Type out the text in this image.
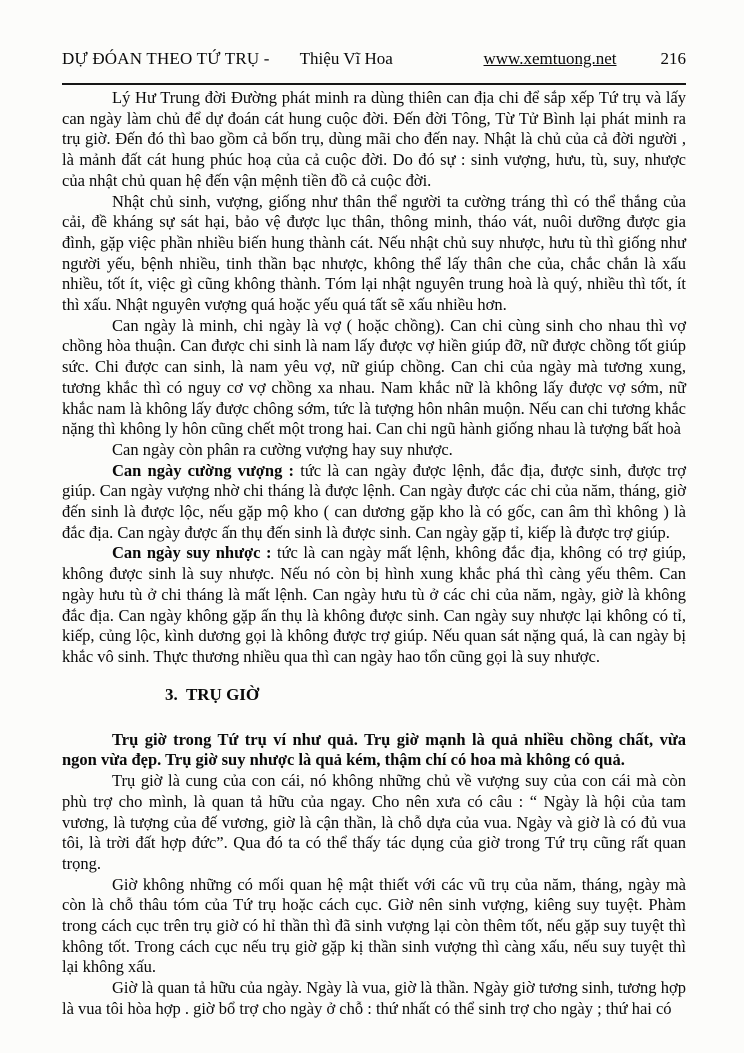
DỰ ĐÓAN THEO TỨ TRỤ - Thiệu Vĩ Hoa	www.xemtuong.net	216

Lý Hư Trung đời Đường phát minh ra dùng thiên can địa chi để sắp xếp Tứ trụ và lấy can ngày làm chủ để dự đoán cát hung cuộc đời. Đến đời Tông, Từ Tử Bình lại phát minh ra trụ giờ. Đến đó thì bao gồm cả bốn trụ, dùng mãi cho đến nay. Nhật là chủ của cả đời người , là mảnh đất cát hung phúc hoạ của cả cuộc đời. Do đó sự : sinh vượng, hưu, tù, suy, nhược của nhật chủ quan hệ đến vận mệnh tiền đồ cả cuộc đời.

Nhật chủ sinh, vượng, giống như thân thể người ta cường tráng thì có thể thắng của cải, đề kháng sự sát hại, bảo vệ được lục thân, thông minh, tháo vát, nuôi dưỡng được gia đình, gặp việc phần nhiều biến hung thành cát. Nếu nhật chủ suy nhược, hưu tù thì giống như người yếu, bệnh nhiều, tinh thần bạc nhược, không thể lấy thân che của, chắc chắn là xấu nhiều, tốt ít, việc gì cũng không thành. Tóm lại nhật nguyên trung hoà là quý, nhiều thì tốt, ít thì xấu. Nhật nguyên vượng quá hoặc yếu quá tất sẽ xấu nhiều hơn.

Can ngày là minh, chi ngày là vợ ( hoặc chồng). Can chi cùng sinh cho nhau thì vợ chồng hòa thuận. Can được chi sinh là nam lấy được vợ hiền giúp đỡ, nữ được chồng tốt giúp sức. Chi được can sinh, là nam yêu vợ, nữ giúp chồng. Can chi của ngày mà tương xung, tương khắc thì có nguy cơ vợ chồng xa nhau. Nam khắc nữ là không lấy được vợ sớm, nữ khắc nam là không lấy được chông sớm, tức là tượng hôn nhân muộn. Nếu can chi tương khắc nặng thì không ly hôn cũng chết một trong hai. Can chi ngũ hành giống nhau là tượng bất hoà

Can ngày còn phân ra cường vượng hay suy nhược.

Can ngày cường vượng : tức là can ngày được lệnh, đắc địa, được sinh, được trợ giúp. Can ngày vượng nhờ chi tháng là được lệnh. Can ngày được các chi của năm, tháng, giờ đến sinh là được lộc, nếu gặp mộ kho ( can dương gặp kho là có gốc, can âm thì không ) là đắc địa. Can ngày được ấn thụ đến sinh là được sinh. Can ngày gặp tỉ, kiếp là được trợ giúp.

Can ngày suy nhược : tức là can ngày mất lệnh, không đắc địa, không có trợ giúp, không được sinh là suy nhược. Nếu nó còn bị hình xung khắc phá thì càng yếu thêm. Can ngày hưu tù ở chi tháng là mất lệnh. Can ngày hưu tù ở các chi của năm, ngày, giờ là không đắc địa. Can ngày không gặp ấn thụ là không được sinh. Can ngày suy nhược lại không có tỉ, kiếp, củng lộc, kình dương gọi là không được trợ giúp. Nếu quan sát nặng quá, là can ngày bị khắc vô sinh. Thực thương nhiều qua thì can ngày hao tổn cũng gọi là suy nhược.

3.  TRỤ GIỜ

Trụ giờ trong Tứ trụ ví như quả. Trụ giờ mạnh là quả nhiều chồng chất, vừa ngon vừa đẹp. Trụ giờ suy nhược là quả kém, thậm chí có hoa mà không có quả.

Trụ giờ là cung của con cái, nó không những chủ về vượng suy của con cái mà còn phù trợ cho mình, là quan tả hữu của ngay. Cho nên xưa có câu : “ Ngày là hội của tam vương, là tượng của đế vương, giờ là cận thần, là chỗ dựa của vua. Ngày và giờ là có đủ vua tôi, là trời đất hợp đức”. Qua đó ta có thể thấy tác dụng của giờ trong Tứ trụ cũng rất quan trọng.

Giờ không những có mối quan hệ mật thiết với các vũ trụ của năm, tháng, ngày mà còn là chỗ thâu tóm của Tứ trụ hoặc cách cục. Giờ nên sinh vượng, kiêng suy tuyệt. Phàm trong cách cục trên trụ giờ có hỉ thần thì đã sinh vượng lại còn thêm tốt, nếu gặp suy tuyệt thì không tốt. Trong cách cục nếu trụ giờ gặp kị thần sinh vượng thì càng xấu, nếu suy tuyệt thì lại không xấu.

Giờ là quan tả hữu của ngày. Ngày là vua, giờ là thần. Ngày giờ tương sinh, tương hợp là vua tôi hòa hợp . giờ bổ trợ cho ngày ở chỗ : thứ nhất có thể sinh trợ cho ngày ; thứ hai có
